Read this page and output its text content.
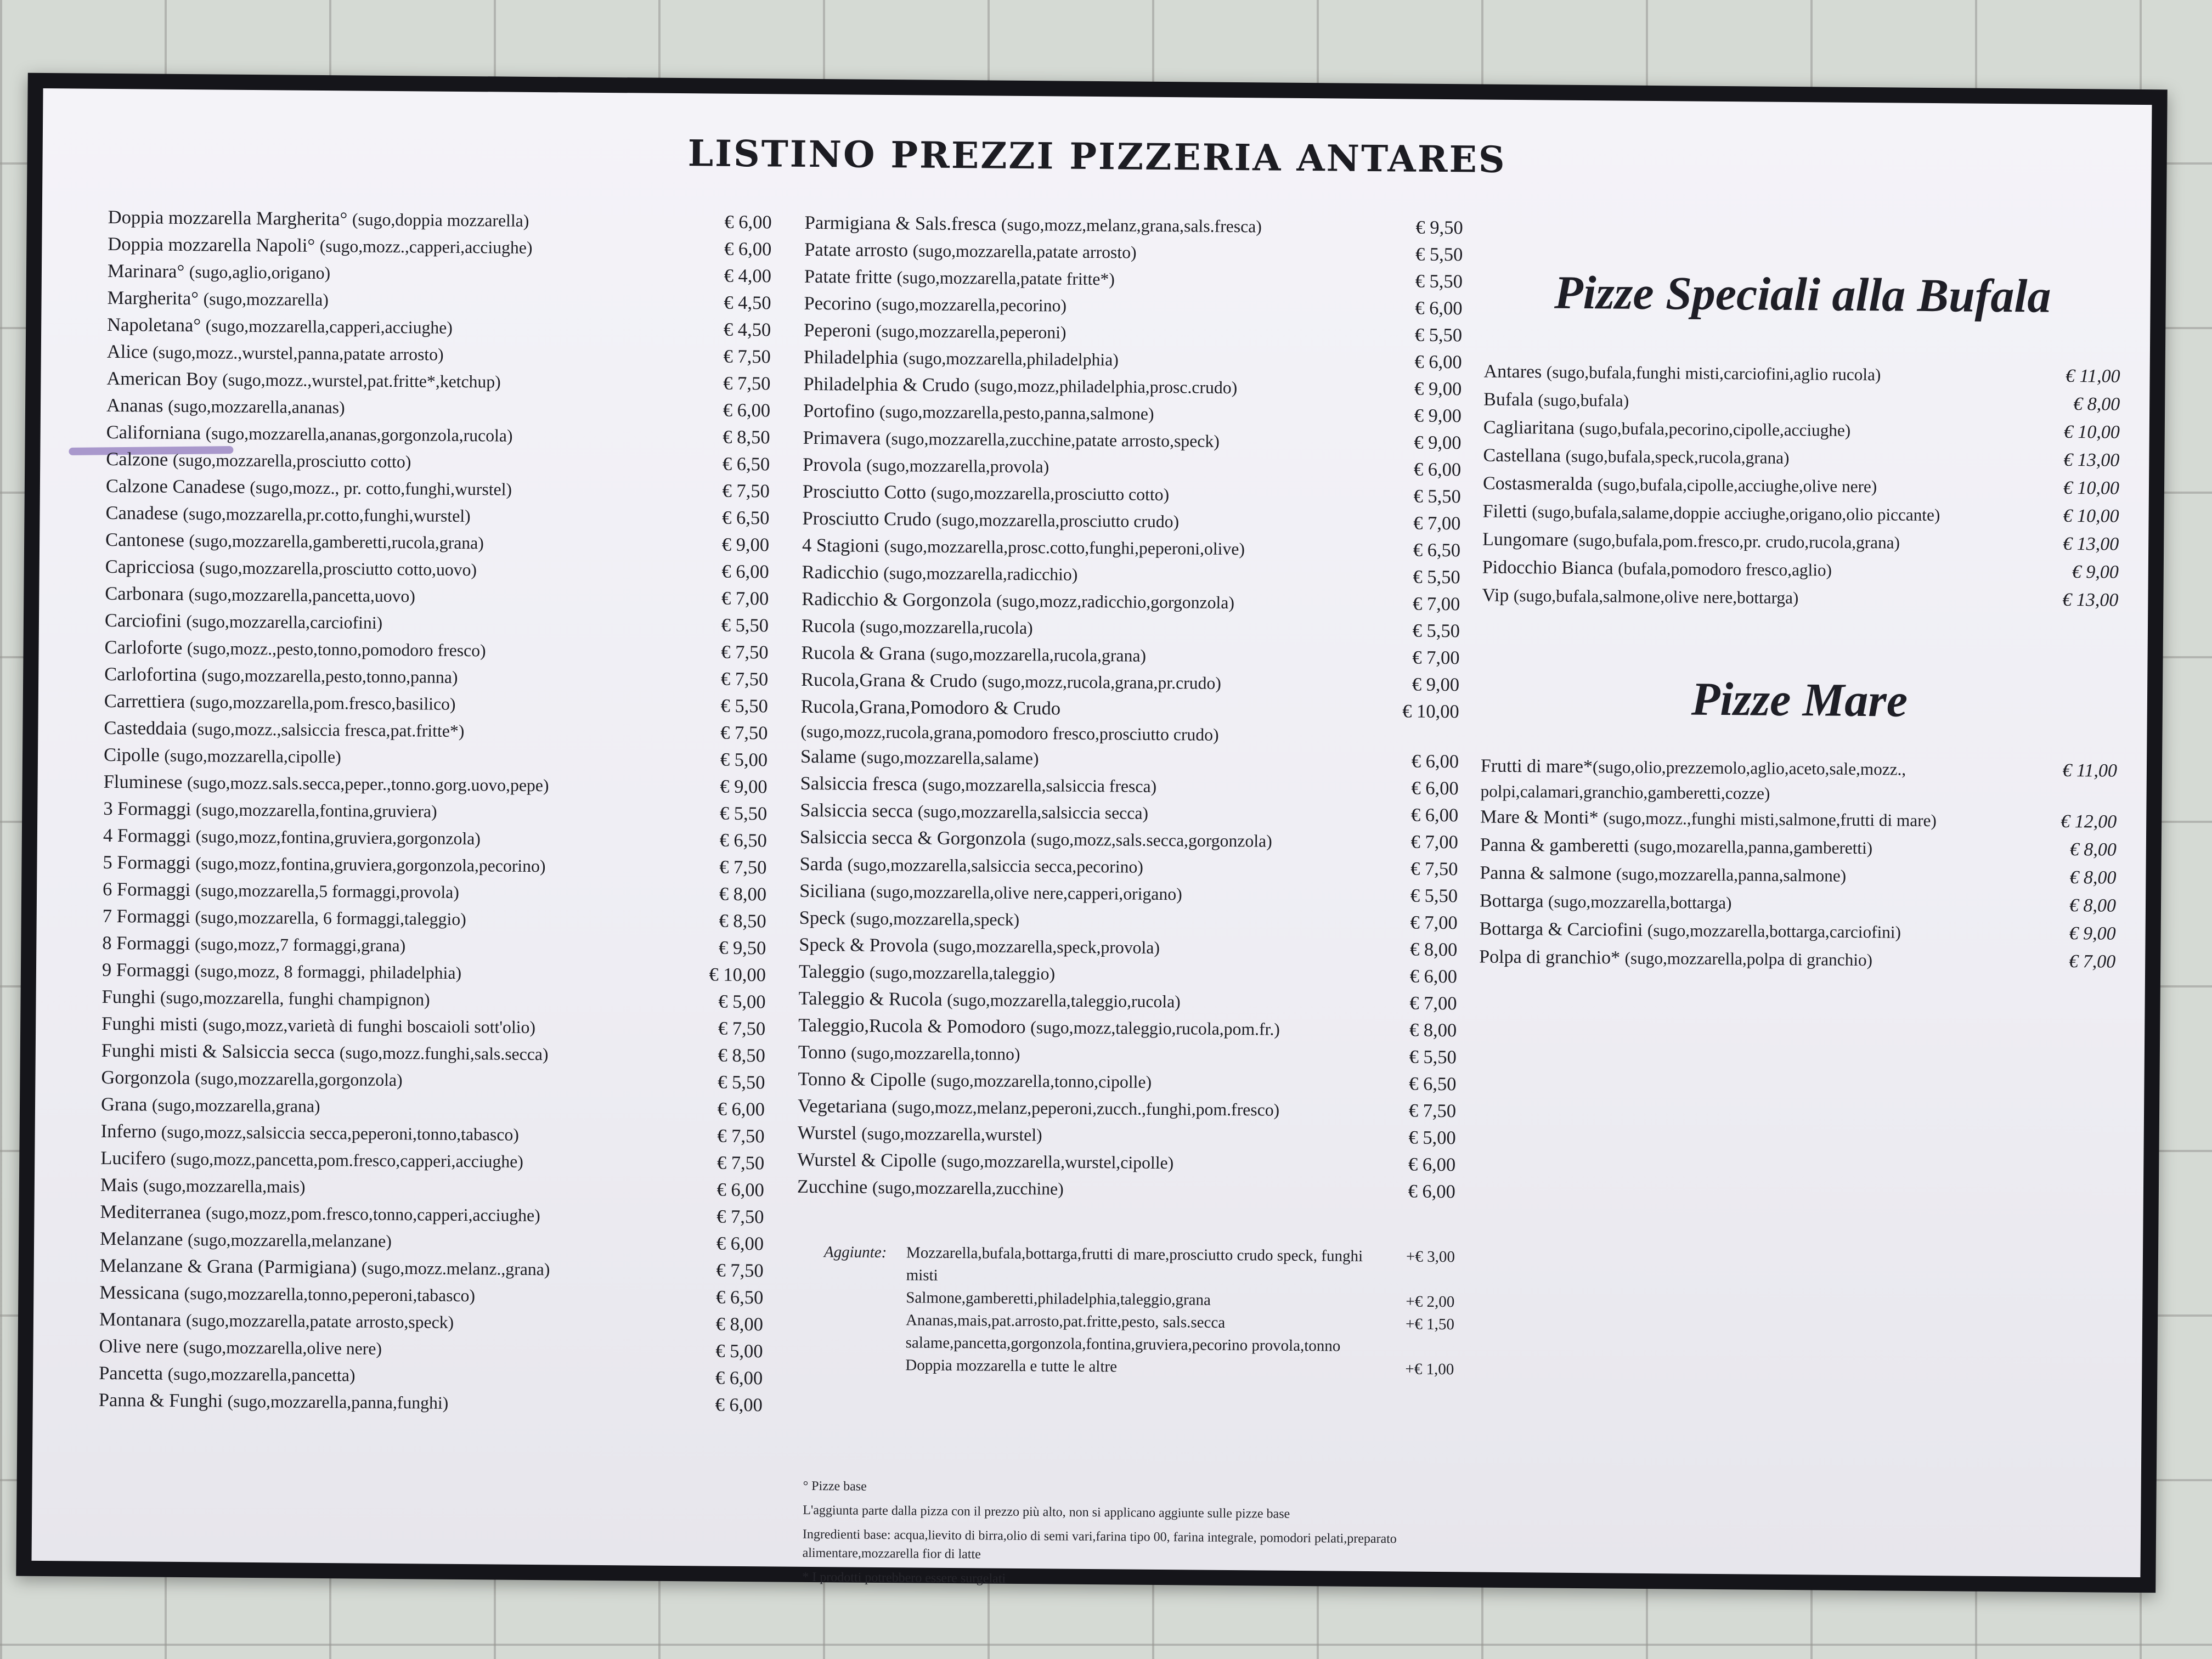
LISTINO PREZZI PIZZERIA ANTARES
Doppia mozzarella Margherita°
(sugo,doppia mozzarella)	€ 6,00
Doppia mozzarella Napoli°
(sugo,mozz.,capperi,acciughe)	€ 6,00
Marinara°
(sugo,aglio,origano)	€ 4,00
Margherita°
(sugo,mozzarella)	€ 4,50
Napoletana°
(sugo,mozzarella,capperi,acciughe)	€ 4,50
Alice
(sugo,mozz.,wurstel,panna,patate arrosto)	€ 7,50
American Boy
(sugo,mozz.,wurstel,pat.fritte*,ketchup)	€ 7,50
Ananas
(sugo,mozzarella,ananas)	€ 6,00
Californiana
(sugo,mozzarella,ananas,gorgonzola,rucola)	€ 8,50
Calzone
(sugo,mozzarella,prosciutto cotto)	€ 6,50
Calzone Canadese
(sugo,mozz., pr. cotto,funghi,wurstel)	€ 7,50
Canadese
(sugo,mozzarella,pr.cotto,funghi,wurstel)	€ 6,50
Cantonese
(sugo,mozzarella,gamberetti,rucola,grana)	€ 9,00
Capricciosa
(sugo,mozzarella,prosciutto cotto,uovo)	€ 6,00
Carbonara
(sugo,mozzarella,pancetta,uovo)	€ 7,00
Carciofini
(sugo,mozzarella,carciofini)	€ 5,50
Carloforte
(sugo,mozz.,pesto,tonno,pomodoro fresco)	€ 7,50
Carlofortina
(sugo,mozzarella,pesto,tonno,panna)	€ 7,50
Carrettiera
(sugo,mozzarella,pom.fresco,basilico)	€ 5,50
Casteddaia
(sugo,mozz.,salsiccia fresca,pat.fritte*)	€ 7,50
Cipolle
(sugo,mozzarella,cipolle)	€ 5,00
Fluminese
(sugo,mozz.sals.secca,peper.,tonno.gorg.uovo,pepe)	€ 9,00
3 Formaggi
(sugo,mozzarella,fontina,gruviera)	€ 5,50
4 Formaggi
(sugo,mozz,fontina,gruviera,gorgonzola)	€ 6,50
5 Formaggi
(sugo,mozz,fontina,gruviera,gorgonzola,pecorino)	€ 7,50
6 Formaggi
(sugo,mozzarella,5 formaggi,provola)	€ 8,00
7 Formaggi
(sugo,mozzarella, 6 formaggi,taleggio)	€ 8,50
8 Formaggi
(sugo,mozz,7 formaggi,grana)	€ 9,50
9 Formaggi
(sugo,mozz, 8 formaggi, philadelphia)	€ 10,00
Funghi
(sugo,mozzarella, funghi champignon)	€ 5,00
Funghi misti
(sugo,mozz,varietà di funghi boscaioli sott'olio)	€ 7,50
Funghi misti & Salsiccia secca
(sugo,mozz.funghi,sals.secca)	€ 8,50
Gorgonzola
(sugo,mozzarella,gorgonzola)	€ 5,50
Grana
(sugo,mozzarella,grana)	€ 6,00
Inferno
(sugo,mozz,salsiccia secca,peperoni,tonno,tabasco)	€ 7,50
Lucifero
(sugo,mozz,pancetta,pom.fresco,capperi,acciughe)	€ 7,50
Mais
(sugo,mozzarella,mais)	€ 6,00
Mediterranea
(sugo,mozz,pom.fresco,tonno,capperi,acciughe)	€ 7,50
Melanzane
(sugo,mozzarella,melanzane)	€ 6,00
Melanzane & Grana (Parmigiana)
(sugo,mozz.melanz.,grana)	€ 7,50
Messicana
(sugo,mozzarella,tonno,peperoni,tabasco)	€ 6,50
Montanara
(sugo,mozzarella,patate arrosto,speck)	€ 8,00
Olive nere
(sugo,mozzarella,olive nere)	€ 5,00
Pancetta
(sugo,mozzarella,pancetta)	€ 6,00
Panna & Funghi
(sugo,mozzarella,panna,funghi)	€ 6,00
Parmigiana & Sals.fresca
(sugo,mozz,melanz,grana,sals.fresca)	€ 9,50
Patate arrosto
(sugo,mozzarella,patate arrosto)	€ 5,50
Patate fritte
(sugo,mozzarella,patate fritte*)	€ 5,50
Pecorino
(sugo,mozzarella,pecorino)	€ 6,00
Peperoni
(sugo,mozzarella,peperoni)	€ 5,50
Philadelphia
(sugo,mozzarella,philadelphia)	€ 6,00
Philadelphia & Crudo
(sugo,mozz,philadelphia,prosc.crudo)	€ 9,00
Portofino
(sugo,mozzarella,pesto,panna,salmone)	€ 9,00
Primavera
(sugo,mozzarella,zucchine,patate arrosto,speck)	€ 9,00
Provola
(sugo,mozzarella,provola)	€ 6,00
Prosciutto Cotto
(sugo,mozzarella,prosciutto cotto)	€ 5,50
Prosciutto Crudo
(sugo,mozzarella,prosciutto crudo)	€ 7,00
4 Stagioni
(sugo,mozzarella,prosc.cotto,funghi,peperoni,olive)	€ 6,50
Radicchio
(sugo,mozzarella,radicchio)	€ 5,50
Radicchio & Gorgonzola
(sugo,mozz,radicchio,gorgonzola)	€ 7,00
Rucola
(sugo,mozzarella,rucola)	€ 5,50
Rucola & Grana
(sugo,mozzarella,rucola,grana)	€ 7,00
Rucola,Grana & Crudo
(sugo,mozz,rucola,grana,pr.crudo)	€ 9,00
Rucola,Grana,Pomodoro & Crudo	€ 10,00
(sugo,mozz,rucola,grana,pomodoro fresco,prosciutto crudo)
Salame
(sugo,mozzarella,salame)	€ 6,00
Salsiccia fresca
(sugo,mozzarella,salsiccia fresca)	€ 6,00
Salsiccia secca
(sugo,mozzarella,salsiccia secca)	€ 6,00
Salsiccia secca & Gorgonzola
(sugo,mozz,sals.secca,gorgonzola)	€ 7,00
Sarda
(sugo,mozzarella,salsiccia secca,pecorino)	€ 7,50
Siciliana
(sugo,mozzarella,olive nere,capperi,origano)	€ 5,50
Speck
(sugo,mozzarella,speck)	€ 7,00
Speck & Provola
(sugo,mozzarella,speck,provola)	€ 8,00
Taleggio
(sugo,mozzarella,taleggio)	€ 6,00
Taleggio & Rucola
(sugo,mozzarella,taleggio,rucola)	€ 7,00
Taleggio,Rucola & Pomodoro
(sugo,mozz,taleggio,rucola,pom.fr.)	€ 8,00
Tonno
(sugo,mozzarella,tonno)	€ 5,50
Tonno & Cipolle
(sugo,mozzarella,tonno,cipolle)	€ 6,50
Vegetariana
(sugo,mozz,melanz,peperoni,zucch.,funghi,pom.fresco)	€ 7,50
Wurstel
(sugo,mozzarella,wurstel)	€ 5,00
Wurstel & Cipolle
(sugo,mozzarella,wurstel,cipolle)	€ 6,00
Zucchine
(sugo,mozzarella,zucchine)	€ 6,00
Pizze Speciali alla Bufala
Antares
(sugo,bufala,funghi misti,carciofini,aglio rucola)	€ 11,00
Bufala
(sugo,bufala)	€ 8,00
Cagliaritana
(sugo,bufala,pecorino,cipolle,acciughe)	€ 10,00
Castellana
(sugo,bufala,speck,rucola,grana)	€ 13,00
Costasmeralda
(sugo,bufala,cipolle,acciughe,olive nere)	€ 10,00
Filetti
(sugo,bufala,salame,doppie acciughe,origano,olio piccante)	€ 10,00
Lungomare
(sugo,bufala,pom.fresco,pr. crudo,rucola,grana)	€ 13,00
Pidocchio Bianca
(bufala,pomodoro fresco,aglio)	€ 9,00
Vip
(sugo,bufala,salmone,olive nere,bottarga)	€ 13,00
Pizze Mare
Frutti di mare* (sugo,olio,prezzemolo,aglio,aceto,sale,mozz.,	€ 11,00
polpi,calamari,granchio,gamberetti,cozze)
Mare & Monti*
(sugo,mozz.,funghi misti,salmone,frutti di mare)	€ 12,00
Panna & gamberetti
(sugo,mozarella,panna,gamberetti)	€ 8,00
Panna & salmone
(sugo,mozzarella,panna,salmone)	€ 8,00
Bottarga
(sugo,mozzarella,bottarga)	€ 8,00
Bottarga & Carciofini
(sugo,mozzarella,bottarga,carciofini)	€ 9,00
Polpa di granchio*
(sugo,mozzarella,polpa di granchio)	€ 7,00
Aggiunte:	Mozzarella,bufala,bottarga,frutti di mare,prosciutto crudo speck, funghi misti
+€ 3,00
Salmone,gamberetti,philadelphia,taleggio,grana	+€ 2,00
Ananas,mais,pat.arrosto,pat.fritte,pesto, sals.secca salame,pancetta,gorgonzola,fontina,gruviera,pecorino provola,tonno
+€ 1,50
Doppia mozzarella e tutte le altre	+€ 1,00

° Pizze base

L'aggiunta parte dalla pizza con il prezzo più alto, non si applicano aggiunte sulle pizze base

Ingredienti base: acqua,lievito di birra,olio di semi vari,farina tipo 00, farina integrale, pomodori pelati,preparato alimentare,mozzarella fior di latte

* I prodotti potrebbero essere surgelati
